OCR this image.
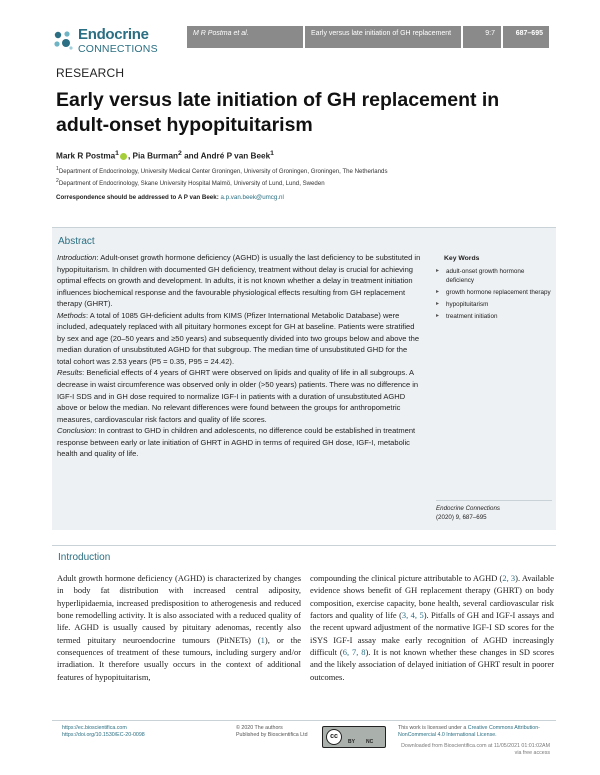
Endocrine
CONNECTIONS
M R Postma et al.	Early versus late initiation of GH replacement	9:7	687–695
RESEARCH
Early versus late initiation of GH replacement in adult-onset hypopituitarism
Mark R Postma$^1$ , Pia Burman$^2$ and André P van Beek$^1$
$^1$Department of Endocrinology, University Medical Center Groningen, University of Groningen, Groningen, The Netherlands
$^2$Department of Endocrinology, Skane University Hospital Malmö, University of Lund, Lund, Sweden
Correspondence should be addressed to A P van Beek: a.p.van.beek@umcg.nl
Abstract

Introduction: Adult-onset growth hormone deficiency (AGHD) is usually the last deficiency to be substituted in hypopituitarism. In children with documented GH deficiency, treatment without delay is crucial for achieving optimal effects on growth and development. In adults, it is not known whether a delay in treatment initiation influences biochemical response and the favourable physiological effects resulting from GH replacement therapy (GHRT).

Methods: A total of 1085 GH-deficient adults from KIMS (Pfizer International Metabolic Database) were included, adequately replaced with all pituitary hormones except for GH at baseline. Patients were stratified by sex and age (20–50 years and ≥50 years) and subsequently divided into two groups below and above the median duration of unsubstituted AGHD for that subgroup. The median time of unsubstituted GHD for the total cohort was 2.53 years (P5 = 0.35, P95 = 24.42).

Results: Beneficial effects of 4 years of GHRT were observed on lipids and quality of life in all subgroups. A decrease in waist circumference was observed only in older (>50 years) patients. There was no difference in IGF-I SDS and in GH dose required to normalize IGF-I in patients with a duration of unsubstituted AGHD above or below the median. No relevant differences were found between the groups for anthropometric measures, cardiovascular risk factors and quality of life scores.

Conclusion: In contrast to GHD in children and adolescents, no difference could be established in treatment response between early or late initiation of GHRT in AGHD in terms of required GH dose, IGF-I, metabolic health and quality of life.

Key Words
▸ adult-onset growth hormone deficiency
▸ growth hormone replacement therapy
▸ hypopituitarism
▸ treatment initiation
Endocrine Connections
(2020) 9, 687–695
Introduction
Adult growth hormone deficiency (AGHD) is characterized by changes in body fat distribution with increased central adiposity, hyperlipidaemia, increased predisposition to atherogenesis and reduced bone remodelling activity. It is also associated with a reduced quality of life. AGHD is usually caused by pituitary adenomas, recently also termed pituitary neuroendocrine tumours (PitNETs) (1), or the consequences of treatment of these tumours, including surgery and/or irradiation. It therefore usually occurs in the context of additional features of hypopituitarism,
compounding the clinical picture attributable to AGHD (2, 3). Available evidence shows benefit of GH replacement therapy (GHRT) on body composition, exercise capacity, bone health, several cardiovascular risk factors and quality of life (3, 4, 5). Pitfalls of GH and IGF-I assays and the recent upward adjustment of the normative IGF-I SD scores for the iSYS IGF-I assay make early recognition of AGHD increasingly difficult (6, 7, 8). It is not known whether these changes in SD scores and the likely association of delayed initiation of GHRT result in poorer outcomes.
https://ec.bioscientifica.com
https://doi.org/10.1530/EC-20-0098
© 2020 The authors
Published by Bioscientifica Ltd	cc
BY NC
This work is licensed under a Creative Commons Attribution-NonCommercial 4.0 International License.
Downloaded from Bioscientifica.com at 11/05/2021 01:01:02AM
via free access
